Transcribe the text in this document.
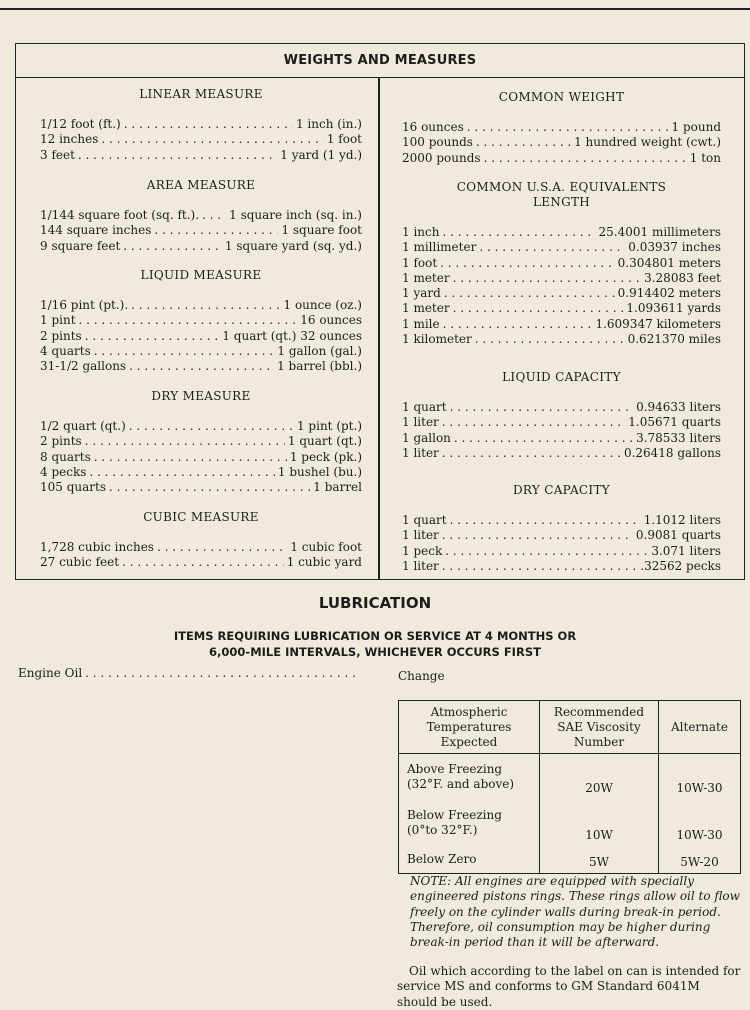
WEIGHTS AND MEASURES
LINEAR MEASURE
1/12 foot (ft.) . . .	1 inch (in.)
12 inches . . .	1 foot
3 feet . . .	1 yard (1 yd.)
AREA MEASURE
1/144 square foot (sq. ft.). . . .	1 square inch (sq. in.)
144 square inches . . .	1 square foot
9 square feet . . .	1 square yard (sq. yd.)
LIQUID MEASURE
1/16 pint (pt.). . . .	1 ounce (oz.)
1 pint . . .	16 ounces
2 pints . . .	1 quart (qt.) 32 ounces
4 quarts . . .	1 gallon (gal.)
31-1/2 gallons . . .	1 barrel (bbl.)
DRY MEASURE
1/2 quart (qt.) . . .	1 pint (pt.)
2 pints . . .	1 quart (qt.)
8 quarts . . .	1 peck (pk.)
4 pecks . . .	1 bushel (bu.)
105 quarts . . .	1 barrel
CUBIC MEASURE
1,728 cubic inches . . .	1 cubic foot
27 cubic feet . . .	1 cubic yard
COMMON WEIGHT
16 ounces . . .	1 pound
100 pounds . . .	1 hundred weight (cwt.)
2000 pounds . . .	1 ton
COMMON U.S.A. EQUIVALENTS
LENGTH
1 inch . . .	25.4001 millimeters
1 millimeter . . .	0.03937 inches
1 foot . . .	0.304801 meters
1 meter . . .	3.28083 feet
1 yard . . .	0.914402 meters
1 meter . . .	1.093611 yards
1 mile . . .	1.609347 kilometers
1 kilometer . . .	0.621370 miles
LIQUID CAPACITY
1 quart . . .	0.94633 liters
1 liter . . .	1.05671 quarts
1 gallon . . .	3.78533 liters
1 liter . . .	0.26418 gallons
DRY CAPACITY
1 quart . . .	1.1012 liters
1 liter . . .	0.9081 quarts
1 peck . . .	3.071 liters
1 liter . . .	.32562 pecks
LUBRICATION
ITEMS REQUIRING LUBRICATION OR SERVICE AT 4 MONTHS OR
6,000-MILE INTERVALS, WHICHEVER OCCURS FIRST
Engine Oil . . .	Change
Atmospheric Temperatures Expected	Recommended SAE Viscosity Number	Alternate

Above Freezing
(32°F. and above)	20W	10W-30

Below Freezing
(0°to 32°F.)	10W	10W-30

Below Zero	5W	5W-20
NOTE: All engines are equipped with specially engineered pistons rings. These rings allow oil to flow freely on the cylinder walls during break-in period. Therefore, oil consumption may be higher during break-in period than it will be afterward.
Oil which according to the label on can is intended for service MS and conforms to GM Standard 6041M should be used.
